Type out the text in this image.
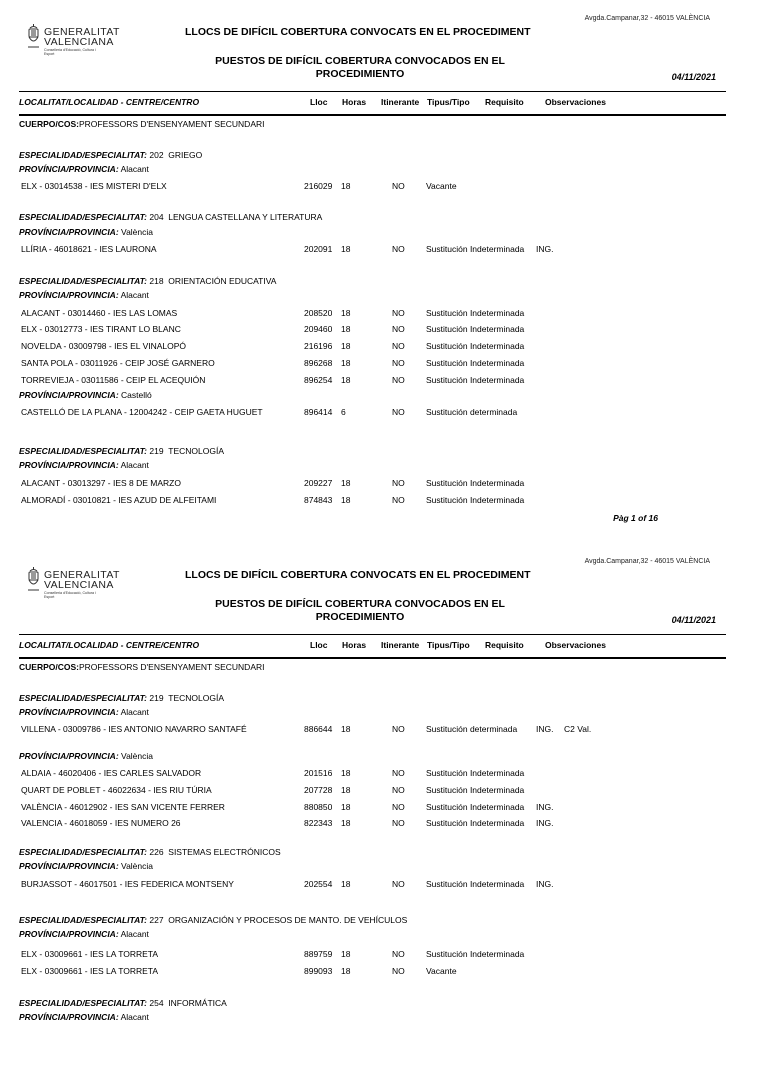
GENERALITAT
VALENCIANA
Conselleria d'Educació, Cultura i Esport
Avgda.Campanar,32 - 46015 VALÈNCIA
LLOCS DE DIFÍCIL COBERTURA CONVOCATS EN EL PROCEDIMENT
PUESTOS DE DIFÍCIL COBERTURA CONVOCADOS EN EL PROCEDIMIENTO	04/11/2021
LOCALITAT/LOCALIDAD - CENTRE/CENTRO	Lloc Horas Itinerante Tipus/Tipo Requisito	Observaciones
CUERPO/COS:PROFESSORS D'ENSENYAMENT SECUNDARI
ESPECIALIDAD/ESPECIALITAT: 202 GRIEGO
PROVÍNCIA/PROVINCIA: Alacant
ELX - 03014538 - IES MISTERI D'ELX	216029 18	NO	Vacante
ESPECIALIDAD/ESPECIALITAT: 204 LENGUA CASTELLANA Y LITERATURA
PROVÍNCIA/PROVINCIA: València
LLÍRIA - 46018621 - IES LAURONA	202091 18	NO	Sustitución Indeterminada ING.
ESPECIALIDAD/ESPECIALITAT: 218 ORIENTACIÓN EDUCATIVA
PROVÍNCIA/PROVINCIA: Alacant
ALACANT - 03014460 - IES LAS LOMAS	208520 18	NO	Sustitución Indeterminada
ELX - 03012773 - IES TIRANT LO BLANC	209460 18	NO	Sustitución Indeterminada
NOVELDA - 03009798 - IES EL VINALOPÓ	216196 18	NO	Sustitución Indeterminada
SANTA POLA - 03011926 - CEIP JOSÉ GARNERO	896268 18	NO	Sustitución Indeterminada
TORREVIEJA - 03011586 - CEIP EL ACEQUIÓN	896254 18	NO	Sustitución Indeterminada
PROVÍNCIA/PROVINCIA: Castelló
CASTELLÓ DE LA PLANA - 12004242 - CEIP GAETA HUGUET	896414 6	NO	Sustitución determinada
ESPECIALIDAD/ESPECIALITAT: 219 TECNOLOGÍA
PROVÍNCIA/PROVINCIA: Alacant
ALACANT - 03013297 - IES 8 DE MARZO	209227 18	NO	Sustitución Indeterminada
ALMORADÍ - 03010821 - IES AZUD DE ALFEITAMI	874843 18	NO	Sustitución Indeterminada
Pàg 1 of 16
GENERALITAT
VALENCIANA
Conselleria d'Educació, Cultura i Esport
Avgda.Campanar,32 - 46015 VALÈNCIA
LLOCS DE DIFÍCIL COBERTURA CONVOCATS EN EL PROCEDIMENT
PUESTOS DE DIFÍCIL COBERTURA CONVOCADOS EN EL PROCEDIMIENTO	04/11/2021
LOCALITAT/LOCALIDAD - CENTRE/CENTRO	Lloc Horas Itinerante Tipus/Tipo Requisito	Observaciones
CUERPO/COS:PROFESSORS D'ENSENYAMENT SECUNDARI
ESPECIALIDAD/ESPECIALITAT: 219 TECNOLOGÍA
PROVÍNCIA/PROVINCIA: Alacant
VILLENA - 03009786 - IES ANTONIO NAVARRO SANTAFÉ	886644 18	NO	Sustitución determinada ING. C2 Val.
PROVÍNCIA/PROVINCIA: València
ALDAIA - 46020406 - IES CARLES SALVADOR	201516 18	NO	Sustitución Indeterminada
QUART DE POBLET - 46022634 - IES RIU TÚRIA	207728 18	NO	Sustitución Indeterminada
VALÈNCIA - 46012902 - IES SAN VICENTE FERRER	880850 18	NO	Sustitución Indeterminada ING.
VALENCIA - 46018059 - IES NUMERO 26	822343 18	NO	Sustitución Indeterminada ING.
ESPECIALIDAD/ESPECIALITAT: 226 SISTEMAS ELECTRÓNICOS
PROVÍNCIA/PROVINCIA: València
BURJASSOT - 46017501 - IES FEDERICA MONTSENY	202554 18	NO	Sustitución Indeterminada ING.
ESPECIALIDAD/ESPECIALITAT: 227 ORGANIZACIÓN Y PROCESOS DE MANTO. DE VEHÍCULOS
PROVÍNCIA/PROVINCIA: Alacant
ELX - 03009661 - IES LA TORRETA	889759 18	NO	Sustitución Indeterminada
ELX - 03009661 - IES LA TORRETA	899093 18	NO	Vacante
ESPECIALIDAD/ESPECIALITAT: 254 INFORMÁTICA
PROVÍNCIA/PROVINCIA: Alacant
